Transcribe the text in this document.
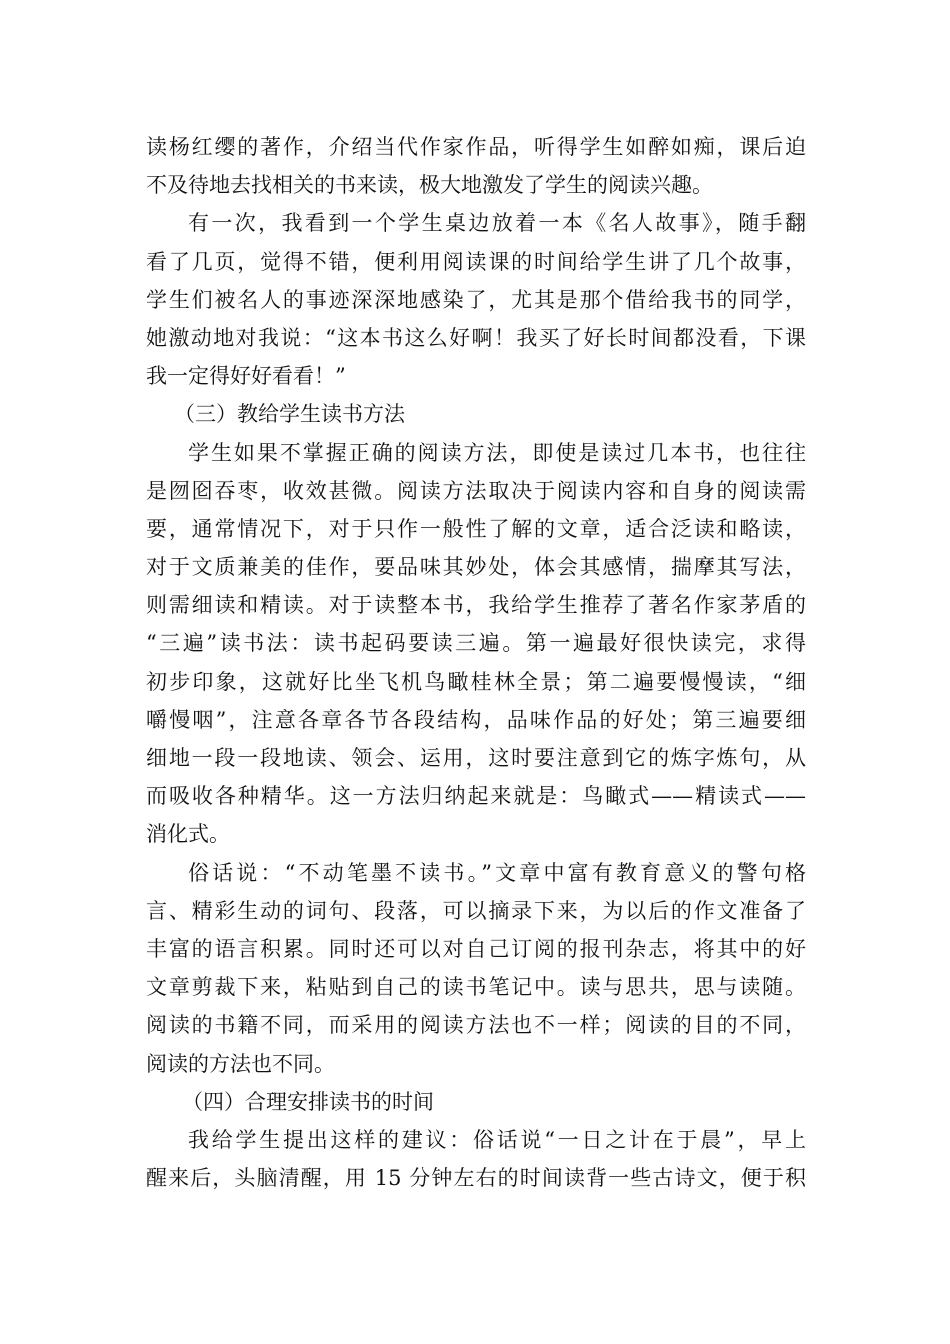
读杨红缨的著作，介绍当代作家作品，听得学生如醉如痴，课后迫
不及待地去找相关的书来读，极大地激发了学生的阅读兴趣。
有一次，我看到一个学生桌边放着一本《名人故事》，随手翻
看了几页，觉得不错，便利用阅读课的时间给学生讲了几个故事，
学生们被名人的事迹深深地感染了，尤其是那个借给我书的同学，
她激动地对我说：“这本书这么好啊！我买了好长时间都没看，下课
我一定得好好看看！”
（三）教给学生读书方法
学生如果不掌握正确的阅读方法，即使是读过几本书，也往往
是囫囵吞枣，收效甚微。阅读方法取决于阅读内容和自身的阅读需
要，通常情况下，对于只作一般性了解的文章，适合泛读和略读，
对于文质兼美的佳作，要品味其妙处，体会其感情，揣摩其写法，
则需细读和精读。对于读整本书，我给学生推荐了著名作家茅盾的
“三遍”读书法：读书起码要读三遍。第一遍最好很快读完，求得
初步印象，这就好比坐飞机鸟瞰桂林全景；第二遍要慢慢读，“细
嚼慢咽”，注意各章各节各段结构，品味作品的好处；第三遍要细
细地一段一段地读、领会、运用，这时要注意到它的炼字炼句，从
而吸收各种精华。这一方法归纳起来就是：鸟瞰式——精读式——
消化式。
俗话说：“不动笔墨不读书。”文章中富有教育意义的警句格
言、精彩生动的词句、段落，可以摘录下来，为以后的作文准备了
丰富的语言积累。同时还可以对自己订阅的报刊杂志，将其中的好
文章剪裁下来，粘贴到自己的读书笔记中。读与思共，思与读随。
阅读的书籍不同，而采用的阅读方法也不一样；阅读的目的不同，
阅读的方法也不同。
（四）合理安排读书的时间
我给学生提出这样的建议：俗话说“一日之计在于晨”，早上
醒来后，头脑清醒，用 15 分钟左右的时间读背一些古诗文，便于积
